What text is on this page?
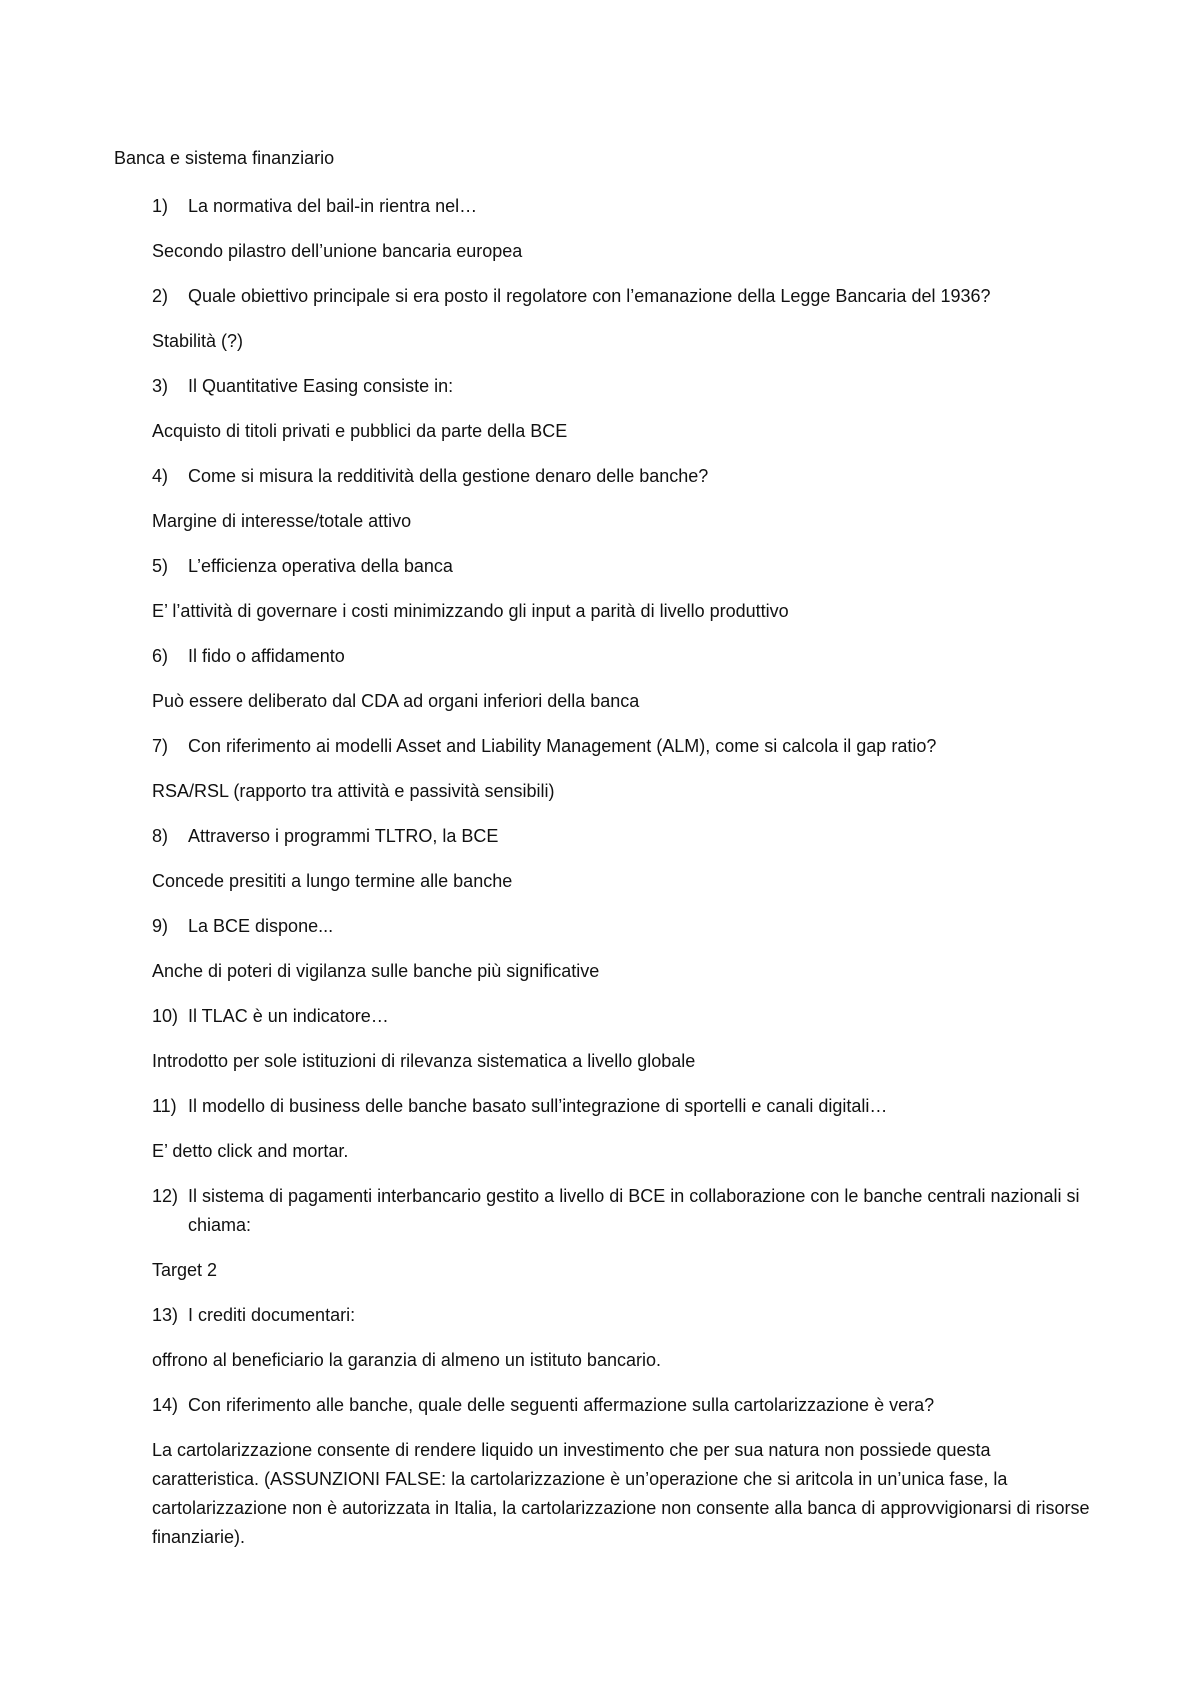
Banca e sistema finanziario

1) La normativa del bail-in rientra nel…

Secondo pilastro dell’unione bancaria europea

2) Quale obiettivo principale si era posto il regolatore con l’emanazione della Legge Bancaria del 1936?

Stabilità (?)

3) Il Quantitative Easing consiste in:

Acquisto di titoli privati e pubblici da parte della BCE

4) Come si misura la redditività della gestione denaro delle banche?

Margine di interesse/totale attivo

5) L’efficienza operativa della banca

E’ l’attività di governare i costi minimizzando gli input a parità di livello produttivo

6) Il fido o affidamento

Può essere deliberato dal CDA ad organi inferiori della banca

7) Con riferimento ai modelli Asset and Liability Management (ALM), come si calcola il gap ratio?

RSA/RSL (rapporto tra attività e passività sensibili)

8) Attraverso i programmi TLTRO, la BCE

Concede presititi a lungo termine alle banche

9) La BCE dispone...

Anche di poteri di vigilanza sulle banche più significative

10) Il TLAC è un indicatore…

Introdotto per sole istituzioni di rilevanza sistematica a livello globale

11) Il modello di business delle banche basato sull’integrazione di sportelli e canali digitali…

E’ detto click and mortar.

12) Il sistema di pagamenti interbancario gestito a livello di BCE in collaborazione con le banche centrali nazionali si chiama:

Target 2

13) I crediti documentari:

offrono al beneficiario la garanzia di almeno un istituto bancario.

14) Con riferimento alle banche, quale delle seguenti affermazione sulla cartolarizzazione è vera?

La cartolarizzazione consente di rendere liquido un investimento che per sua natura non possiede questa caratteristica. (ASSUNZIONI FALSE: la cartolarizzazione è un’operazione che si aritcola in un’unica fase, la cartolarizzazione non è autorizzata in Italia, la cartolarizzazione non consente alla banca di approvvigionarsi di risorse finanziarie).
